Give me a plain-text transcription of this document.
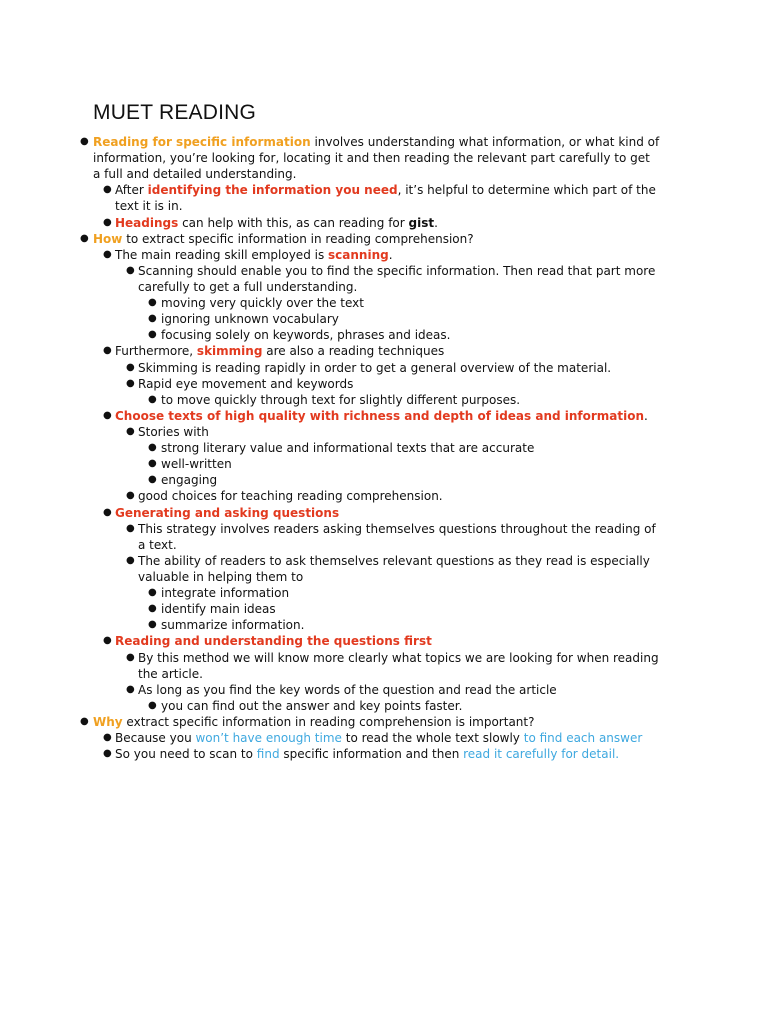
MUET READING
● Reading for specific information involves understanding what information, or what kind of
information, you’re looking for, locating it and then reading the relevant part carefully to get
a full and detailed understanding.
● After identifying the information you need, it’s helpful to determine which part of the
text it is in.
● Headings can help with this, as can reading for gist.
● How to extract specific information in reading comprehension?
● The main reading skill employed is scanning.
● Scanning should enable you to find the specific information. Then read that part more
carefully to get a full understanding.
● moving very quickly over the text
● ignoring unknown vocabulary
● focusing solely on keywords, phrases and ideas.
● Furthermore, skimming are also a reading techniques
● Skimming is reading rapidly in order to get a general overview of the material.
● Rapid eye movement and keywords
● to move quickly through text for slightly different purposes.
● Choose texts of high quality with richness and depth of ideas and information.
● Stories with
● strong literary value and informational texts that are accurate
● well-written
● engaging
● good choices for teaching reading comprehension.
● Generating and asking questions
● This strategy involves readers asking themselves questions throughout the reading of
a text.
● The ability of readers to ask themselves relevant questions as they read is especially
valuable in helping them to
● integrate information
● identify main ideas
● summarize information.
● Reading and understanding the questions first
● By this method we will know more clearly what topics we are looking for when reading
the article.
● As long as you find the key words of the question and read the article
● you can find out the answer and key points faster.
● Why extract specific information in reading comprehension is important?
● Because you won’t have enough time to read the whole text slowly to find each answer
● So you need to scan to find specific information and then read it carefully for detail.
